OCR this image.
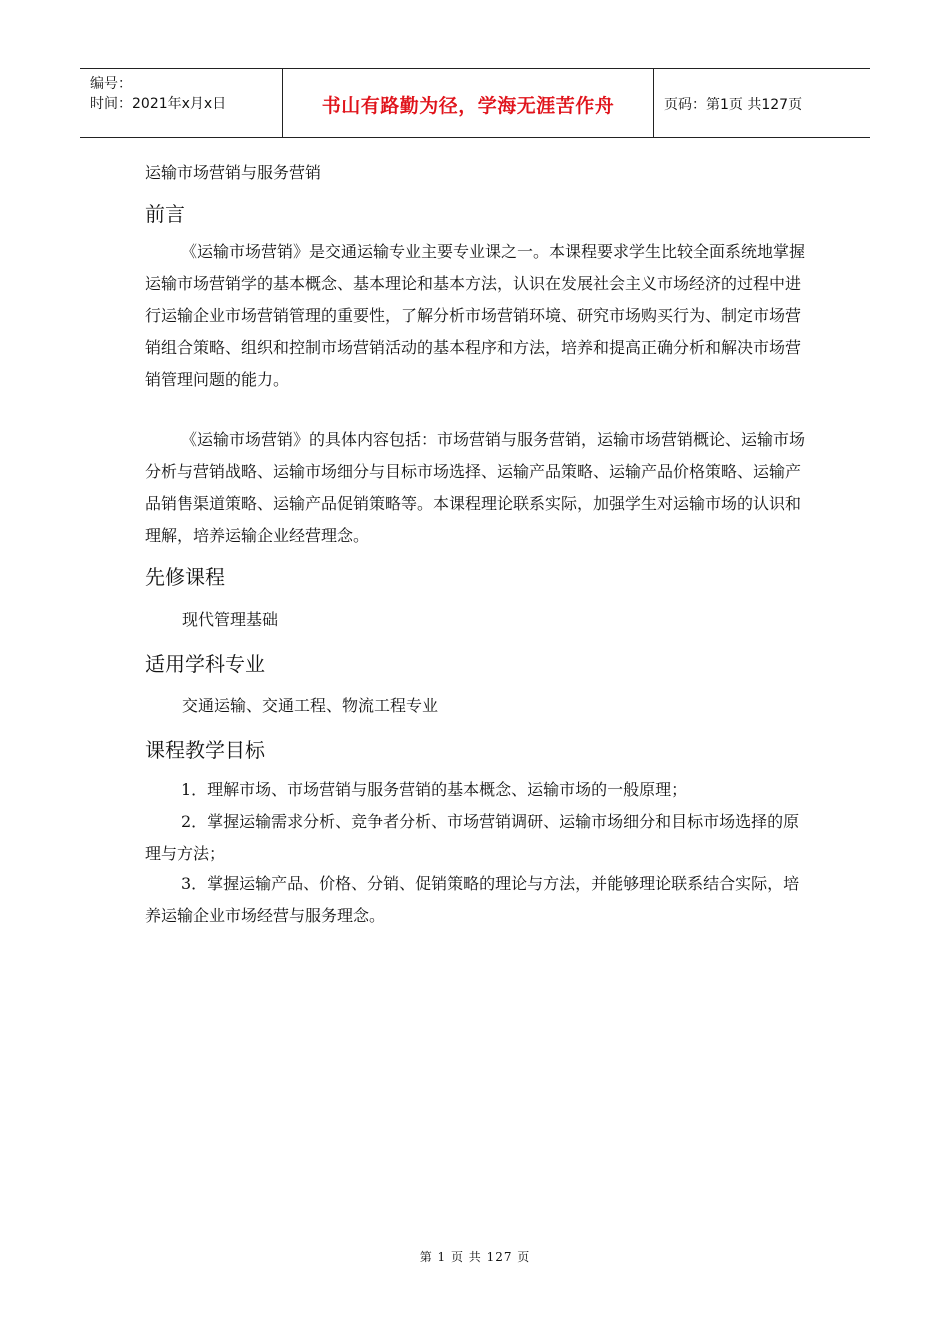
编号：
时间：2021年x月x日	书山有路勤为径，学海无涯苦作舟	页码：第1页 共127页
运输市场营销与服务营销
前言

《运输市场营销》是交通运输专业主要专业课之一。本课程要求学生比较全面系统地掌握运输市场营销学的基本概念、基本理论和基本方法，认识在发展社会主义市场经济的过程中进行运输企业市场营销管理的重要性，了解分析市场营销环境、研究市场购买行为、制定市场营销组合策略、组织和控制市场营销活动的基本程序和方法，培养和提高正确分析和解决市场营销管理问题的能力。

《运输市场营销》的具体内容包括：市场营销与服务营销，运输市场营销概论、运输市场分析与营销战略、运输市场细分与目标市场选择、运输产品策略、运输产品价格策略、运输产品销售渠道策略、运输产品促销策略等。本课程理论联系实际，加强学生对运输市场的认识和理解，培养运输企业经营理念。

先修课程
现代管理基础
适用学科专业
交通运输、交通工程、物流工程专业
课程教学目标

1．理解市场、市场营销与服务营销的基本概念、运输市场的一般原理；

2．掌握运输需求分析、竞争者分析、市场营销调研、运输市场细分和目标市场选择的原理与方法；

3．掌握运输产品、价格、分销、促销策略的理论与方法，并能够理论联系结合实际，培养运输企业市场经营与服务理念。

第 1 页 共 127 页
